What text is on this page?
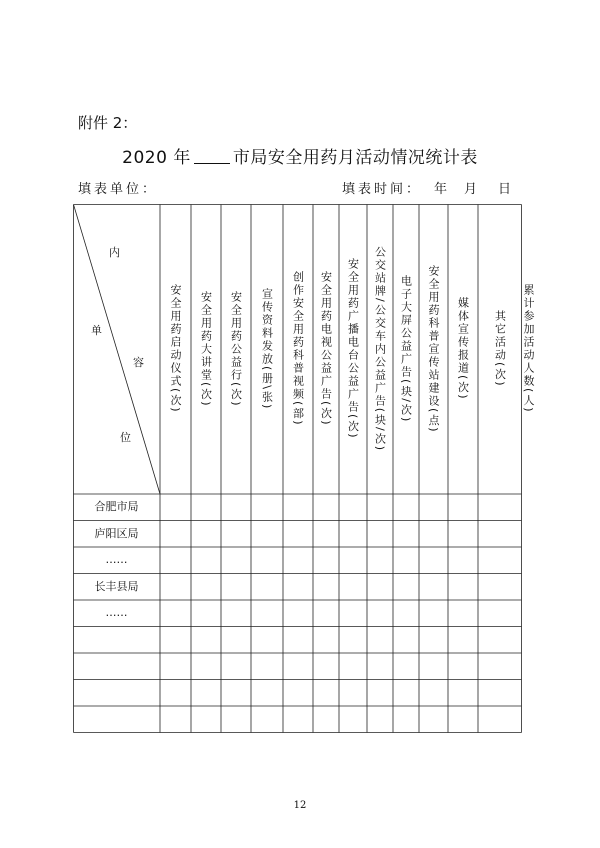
附件 2：
2020 年 市局安全用药月活动情况统计表
填表单位：	填表时间： 年 月 日
内
单
容
位
安全用药启动仪式(次) 安全用药大讲堂(次) 安全用药公益行(次) 宣传资料发放(册\张) 创作安全用药科普视频(部) 安全用药电视公益广告(次) 安全用药广播电台公益广告(次) 公交站牌/公交车内公益广告(块/次) 电子大屏公益广告(块/次) 安全用药科普宣传站建设(点) 媒体宣传报道(次) 其它活动(次) 累计参加活动人数(人)
合肥市局
庐阳区局
……
长丰县局
……
12
